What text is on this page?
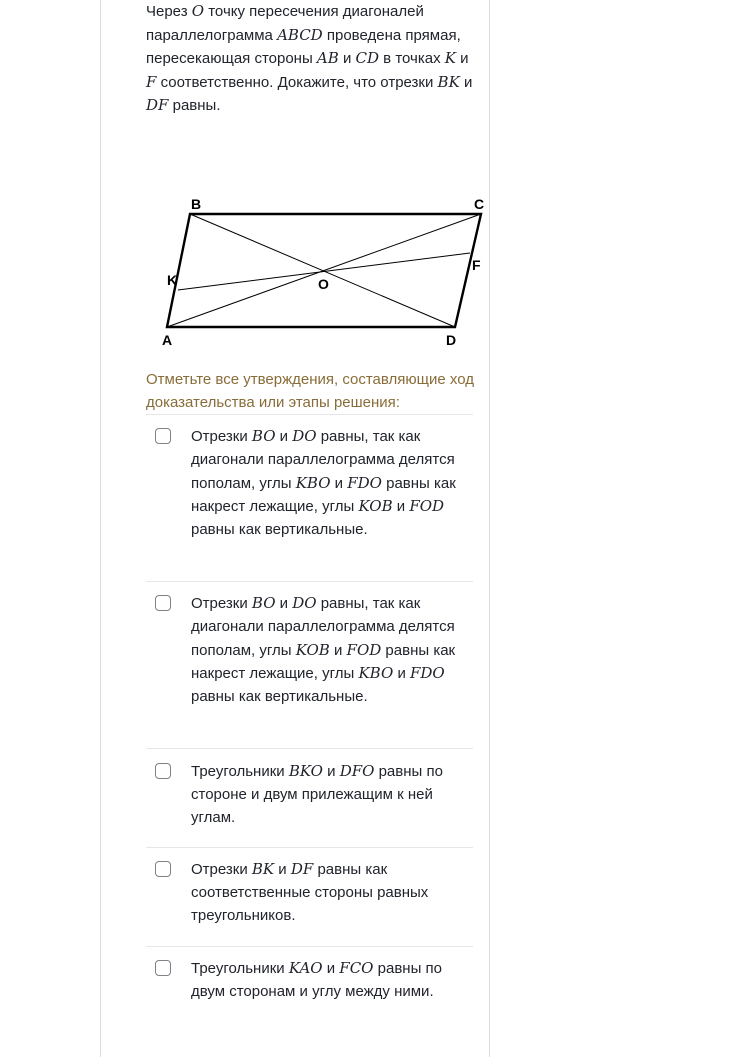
Через O точку пересечения диагоналей параллелограмма ABCD проведена прямая, пересекающая стороны AB и CD в точках K и F соответственно. Докажите, что отрезки BK и DF равны.

B	C
K
F
O
A	D

Отметьте все утверждения, составляющие ход доказательства или этапы решения:

Отрезки BO и DO равны, так как диагонали параллелограмма делятся пополам, углы KBO и FDO равны как накрест лежащие, углы KOB и FOD равны как вертикальные.
Отрезки BO и DO равны, так как диагонали параллелограмма делятся пополам, углы KOB и FOD равны как накрест лежащие, углы KBO и FDO равны как вертикальные.
Треугольники BKO и DFO равны по стороне и двум прилежащим к ней углам.
Отрезки BK и DF равны как соответственные стороны равных треугольников.
Треугольники KAO и FCO равны по двум сторонам и углу между ними.
